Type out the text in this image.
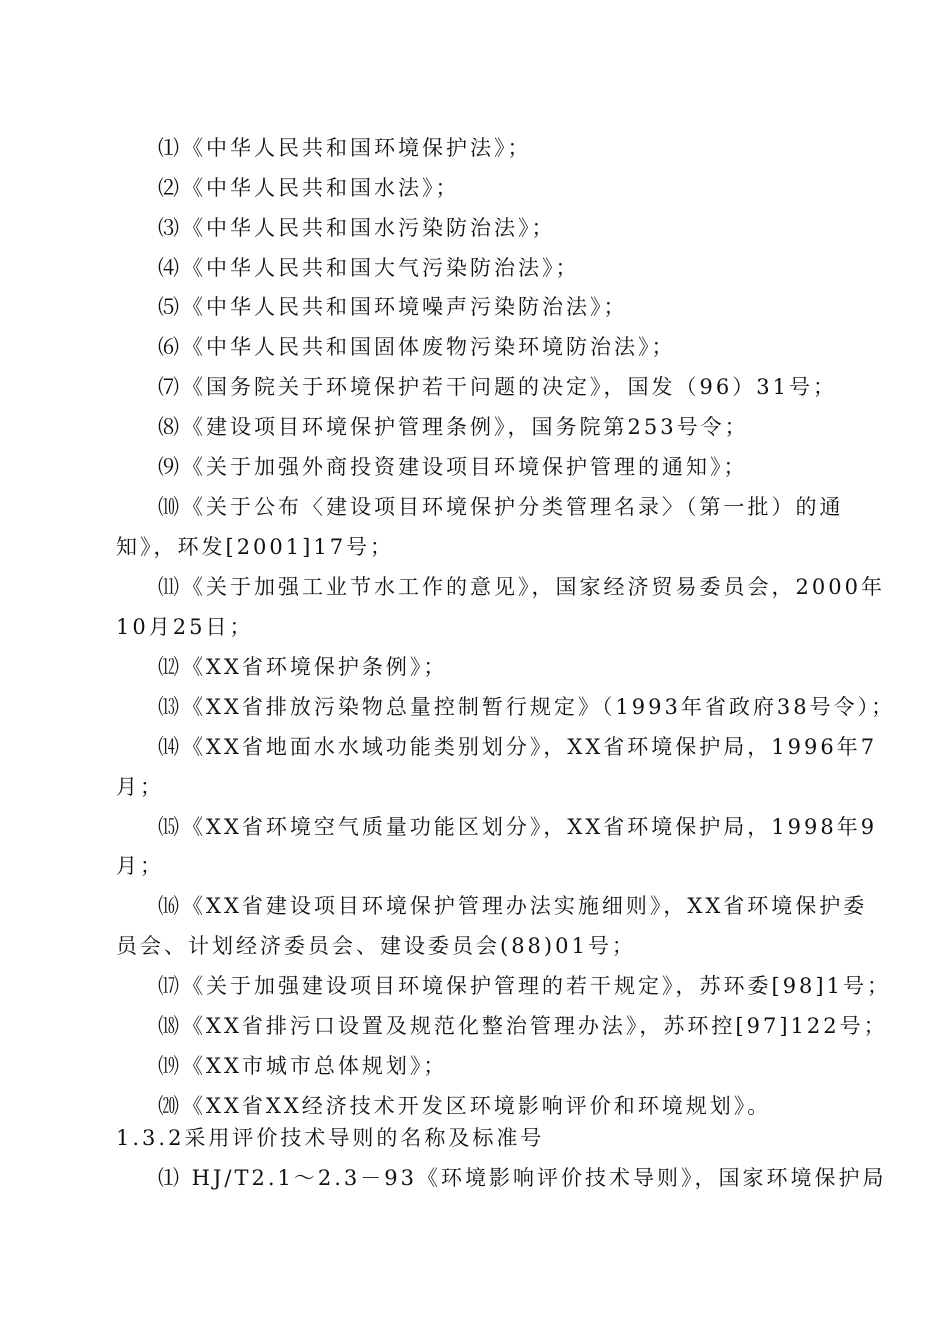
⑴《中华人民共和国环境保护法》；
⑵《中华人民共和国水法》；
⑶《中华人民共和国水污染防治法》；
⑷《中华人民共和国大气污染防治法》；
⑸《中华人民共和国环境噪声污染防治法》；
⑹《中华人民共和国固体废物污染环境防治法》；
⑺《国务院关于环境保护若干问题的决定》，国发（96）31号；
⑻《建设项目环境保护管理条例》，国务院第253号令；
⑼《关于加强外商投资建设项目环境保护管理的通知》；
⑽《关于公布〈建设项目环境保护分类管理名录〉（第一批）的通
知》，环发[2001]17号；
⑾《关于加强工业节水工作的意见》，国家经济贸易委员会，2000年
10月25日；
⑿《XX省环境保护条例》；
⒀《XX省排放污染物总量控制暂行规定》（1993年省政府38号令）；
⒁《XX省地面水水域功能类别划分》，XX省环境保护局，1996年7
月；
⒂《XX省环境空气质量功能区划分》，XX省环境保护局，1998年9
月；
⒃《XX省建设项目环境保护管理办法实施细则》，XX省环境保护委
员会、计划经济委员会、建设委员会(88)01号；
⒄《关于加强建设项目环境保护管理的若干规定》，苏环委[98]1号；
⒅《XX省排污口设置及规范化整治管理办法》，苏环控[97]122号；
⒆《XX市城市总体规划》；
⒇《XX省XX经济技术开发区环境影响评价和环境规划》。
1.3.2采用评价技术导则的名称及标准号
⑴ HJ/T2.1～2.3－93《环境影响评价技术导则》，国家环境保护局
